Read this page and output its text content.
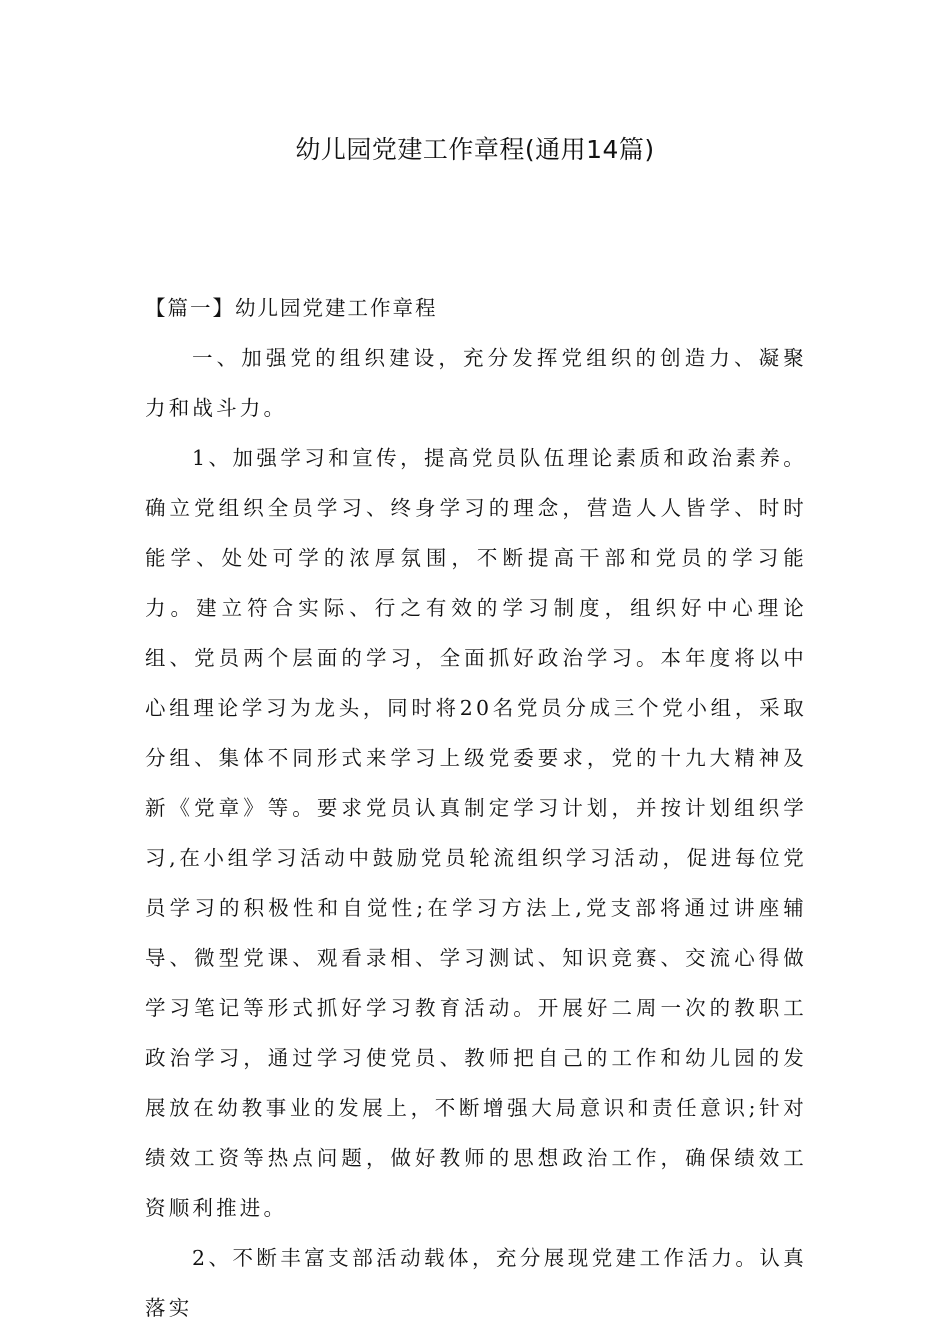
幼儿园党建工作章程(通用14篇)

【篇一】幼儿园党建工作章程

一、加强党的组织建设，充分发挥党组织的创造力、凝聚力和战斗力。

1、加强学习和宣传，提高党员队伍理论素质和政治素养。确立党组织全员学习、终身学习的理念，营造人人皆学、时时能学、处处可学的浓厚氛围，不断提高干部和党员的学习能力。建立符合实际、行之有效的学习制度，组织好中心理论组、党员两个层面的学习，全面抓好政治学习。本年度将以中心组理论学习为龙头，同时将20名党员分成三个党小组，采取分组、集体不同形式来学习上级党委要求，党的十九大精神及新《党章》等。要求党员认真制定学习计划，并按计划组织学习,在小组学习活动中鼓励党员轮流组织学习活动，促进每位党员学习的积极性和自觉性;在学习方法上,党支部将通过讲座辅导、微型党课、观看录相、学习测试、知识竞赛、交流心得做学习笔记等形式抓好学习教育活动。开展好二周一次的教职工政治学习，通过学习使党员、教师把自己的工作和幼儿园的发展放在幼教事业的发展上，不断增强大局意识和责任意识;针对绩效工资等热点问题，做好教师的思想政治工作，确保绩效工资顺利推进。

2、不断丰富支部活动载体，充分展现党建工作活力。认真落实
